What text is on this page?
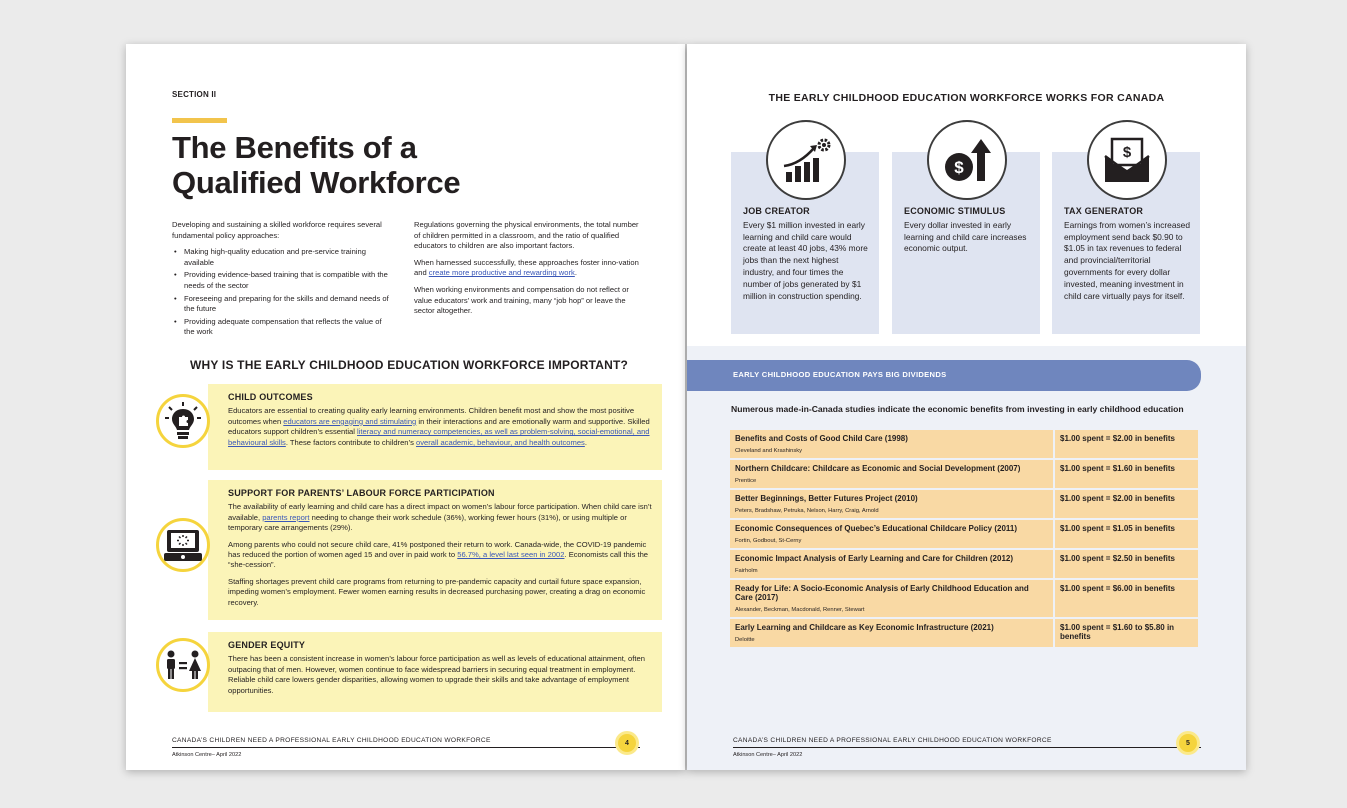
SECTION II
The Benefits of a
Qualified Workforce

Developing and sustaining a skilled workforce requires several fundamental policy approaches:

• Making high-quality education and pre-service training available
• Providing evidence-based training that is compatible with the needs of the sector
• Foreseeing and preparing for the skills and demand needs of the future
• Providing adequate compensation that reflects the value of the work

Regulations governing the physical environments, the total number of children permitted in a classroom, and the ratio of qualified educators to children are also important factors.

When harnessed successfully, these approaches foster inno-vation and create more productive and rewarding work.

When working environments and compensation do not reflect or value educators’ work and training, many “job hop” or leave the sector altogether.

WHY IS THE EARLY CHILDHOOD EDUCATION WORKFORCE IMPORTANT?
CHILD OUTCOMES

Educators are essential to creating quality early learning environments. Children benefit most and show the most positive outcomes when educators are engaging and stimulating in their interactions and are emotionally warm and supportive. Skilled educators support children’s essential literacy and numeracy competencies, as well as problem-solving, social-emotional, and behavioural skills. These factors contribute to children’s overall academic, behaviour, and health outcomes.

SUPPORT FOR PARENTS’ LABOUR FORCE PARTICIPATION

The availability of early learning and child care has a direct impact on women’s labour force participation. When child care isn’t available, parents report needing to change their work schedule (36%), working fewer hours (31%), or using multiple or temporary care arrangements (29%).

Among parents who could not secure child care, 41% postponed their return to work. Canada-wide, the COVID-19 pandemic has reduced the portion of women aged 15 and over in paid work to 56.7%, a level last seen in 2002. Economists call this the “she-cession”.

Staffing shortages prevent child care programs from returning to pre-pandemic capacity and curtail future space expansion, impeding women’s employment. Fewer women earning results in decreased purchasing power, creating a drag on economic recovery.

GENDER EQUITY

There has been a consistent increase in women’s labour force participation as well as levels of educational attainment, often outpacing that of men. However, women continue to face widespread barriers in securing equal treatment in employment. Reliable child care lowers gender disparities, allowing women to upgrade their skills and take advantage of employment opportunities.

CANADA’S CHILDREN NEED A PROFESSIONAL EARLY CHILDHOOD EDUCATION WORKFORCE
Atkinson Centre– April 2022
4
THE EARLY CHILDHOOD EDUCATION WORKFORCE WORKS FOR CANADA
JOB CREATOR

Every $1 million invested in early learning and child care would create at least 40 jobs, 43% more jobs than the next highest industry, and four times the number of jobs generated by $1 million in construction spending.

ECONOMIC STIMULUS

Every dollar invested in early learning and child care increases economic output.

TAX GENERATOR

Earnings from women’s increased employment send back $0.90 to $1.05 in tax revenues to federal and provincial/territorial governments for every dollar invested, meaning investment in child care virtually pays for itself.

$
$
EARLY CHILDHOOD EDUCATION PAYS BIG DIVIDENDS
Numerous made-in-Canada studies indicate the economic benefits from investing in early childhood education
Benefits and Costs of Good Child Care (1998)
Cleveland and Krashinsky	$1.00 spent = $2.00 in benefits
Northern Childcare: Childcare as Economic and Social Development (2007)
Prentice	$1.00 spent = $1.60 in benefits
Better Beginnings, Better Futures Project (2010)
Peters, Bradshaw, Petruka, Nelson, Harry, Craig, Arnold	$1.00 spent = $2.00 in benefits
Economic Consequences of Quebec’s Educational Childcare Policy (2011)
Fortin, Godbout, St-Cerny	$1.00 spent = $1.05 in benefits
Economic Impact Analysis of Early Learning and Care for Children (2012)
Fairholm	$1.00 spent = $2.50 in benefits
Ready for Life: A Socio-Economic Analysis of Early Childhood Education and Care (2017)
Alexander, Beckman, Macdonald, Renner, Stewart	$1.00 spent = $6.00 in benefits
Early Learning and Childcare as Key Economic Infrastructure (2021)
Deloitte	$1.00 spent = $1.60 to $5.80 in benefits
CANADA’S CHILDREN NEED A PROFESSIONAL EARLY CHILDHOOD EDUCATION WORKFORCE
Atkinson Centre– April 2022
5
